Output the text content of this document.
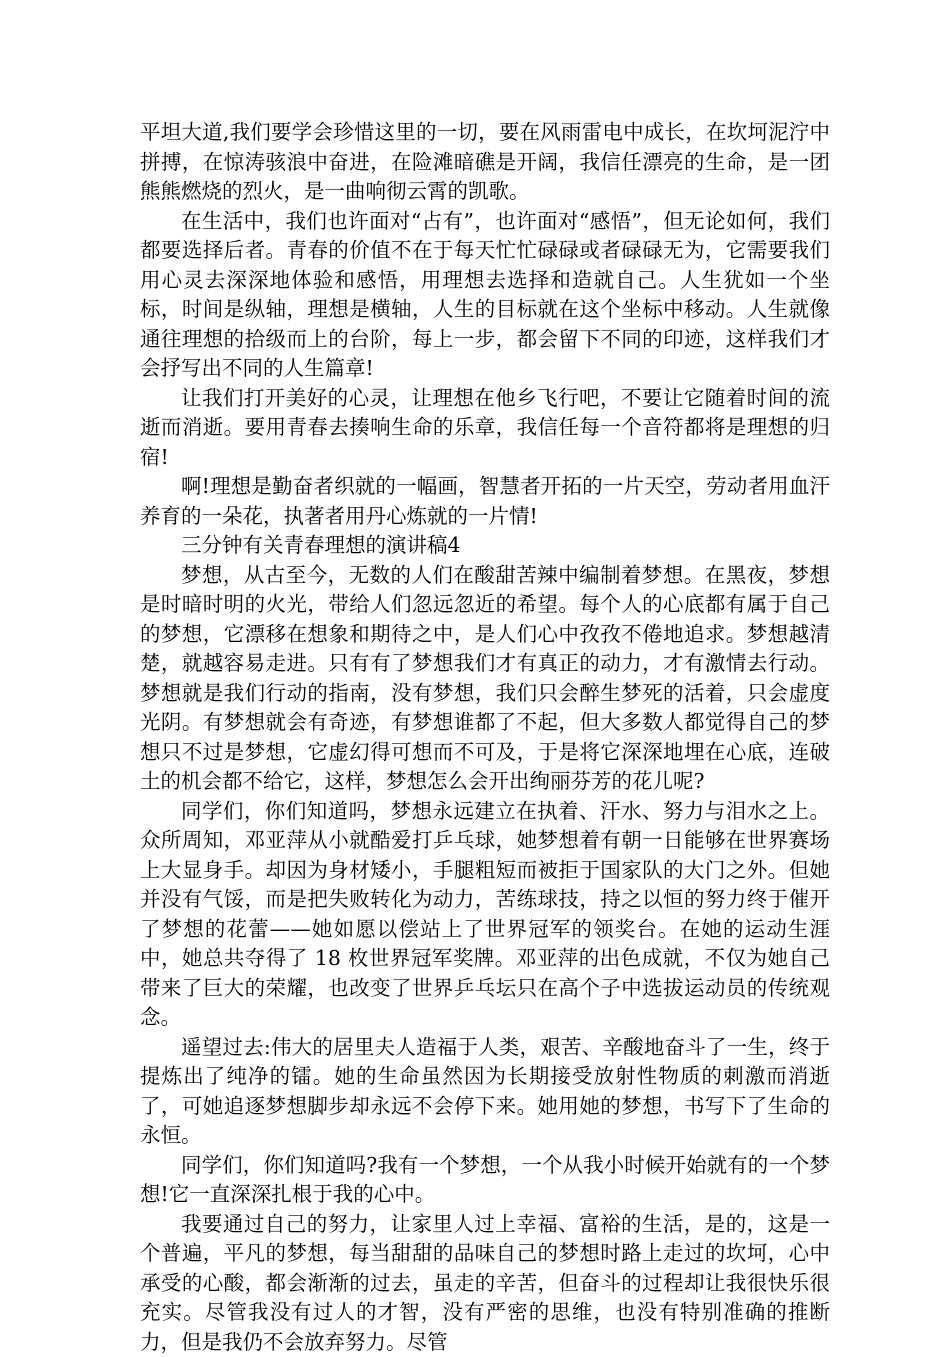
平坦大道,我们要学会珍惜这里的一切，要在风雨雷电中成长，在坎坷泥泞中拼搏，在惊涛骇浪中奋进，在险滩暗礁是开阔，我信任漂亮的生命，是一团熊熊燃烧的烈火，是一曲响彻云霄的凯歌。

在生活中，我们也许面对“占有”，也许面对“感悟”，但无论如何，我们都要选择后者。青春的价值不在于每天忙忙碌碌或者碌碌无为，它需要我们用心灵去深深地体验和感悟，用理想去选择和造就自己。人生犹如一个坐标，时间是纵轴，理想是横轴，人生的目标就在这个坐标中移动。人生就像通往理想的拾级而上的台阶，每上一步，都会留下不同的印迹，这样我们才会抒写出不同的人生篇章!

让我们打开美好的心灵，让理想在他乡飞行吧，不要让它随着时间的流逝而消逝。要用青春去揍响生命的乐章，我信任每一个音符都将是理想的归宿!

啊!理想是勤奋者织就的一幅画，智慧者开拓的一片天空，劳动者用血汗养育的一朵花，执著者用丹心炼就的一片情!

三分钟有关青春理想的演讲稿4

梦想，从古至今，无数的人们在酸甜苦辣中编制着梦想。在黑夜，梦想是时暗时明的火光，带给人们忽远忽近的希望。每个人的心底都有属于自己的梦想，它漂移在想象和期待之中，是人们心中孜孜不倦地追求。梦想越清楚，就越容易走进。只有有了梦想我们才有真正的动力，才有激情去行动。梦想就是我们行动的指南，没有梦想，我们只会醉生梦死的活着，只会虚度光阴。有梦想就会有奇迹，有梦想谁都了不起，但大多数人都觉得自己的梦想只不过是梦想，它虚幻得可想而不可及，于是将它深深地埋在心底，连破土的机会都不给它，这样，梦想怎么会开出绚丽芬芳的花儿呢?

同学们，你们知道吗，梦想永远建立在执着、汗水、努力与泪水之上。众所周知，邓亚萍从小就酷爱打乒乓球，她梦想着有朝一日能够在世界赛场上大显身手。却因为身材矮小，手腿粗短而被拒于国家队的大门之外。但她并没有气馁，而是把失败转化为动力，苦练球技，持之以恒的努力终于催开了梦想的花蕾——她如愿以偿站上了世界冠军的领奖台。在她的运动生涯中，她总共夺得了 18 枚世界冠军奖牌。邓亚萍的出色成就，不仅为她自己带来了巨大的荣耀，也改变了世界乒乓坛只在高个子中选拔运动员的传统观念。

遥望过去:伟大的居里夫人造福于人类，艰苦、辛酸地奋斗了一生，终于提炼出了纯净的镭。她的生命虽然因为长期接受放射性物质的刺激而消逝了，可她追逐梦想脚步却永远不会停下来。她用她的梦想，书写下了生命的永恒。

同学们，你们知道吗?我有一个梦想，一个从我小时候开始就有的一个梦想!它一直深深扎根于我的心中。

我要通过自己的努力，让家里人过上幸福、富裕的生活，是的，这是一个普遍，平凡的梦想，每当甜甜的品味自己的梦想时路上走过的坎坷，心中承受的心酸，都会渐渐的过去，虽走的辛苦，但奋斗的过程却让我很快乐很充实。尽管我没有过人的才智，没有严密的思维，也没有特别准确的推断力，但是我仍不会放弃努力。尽管
